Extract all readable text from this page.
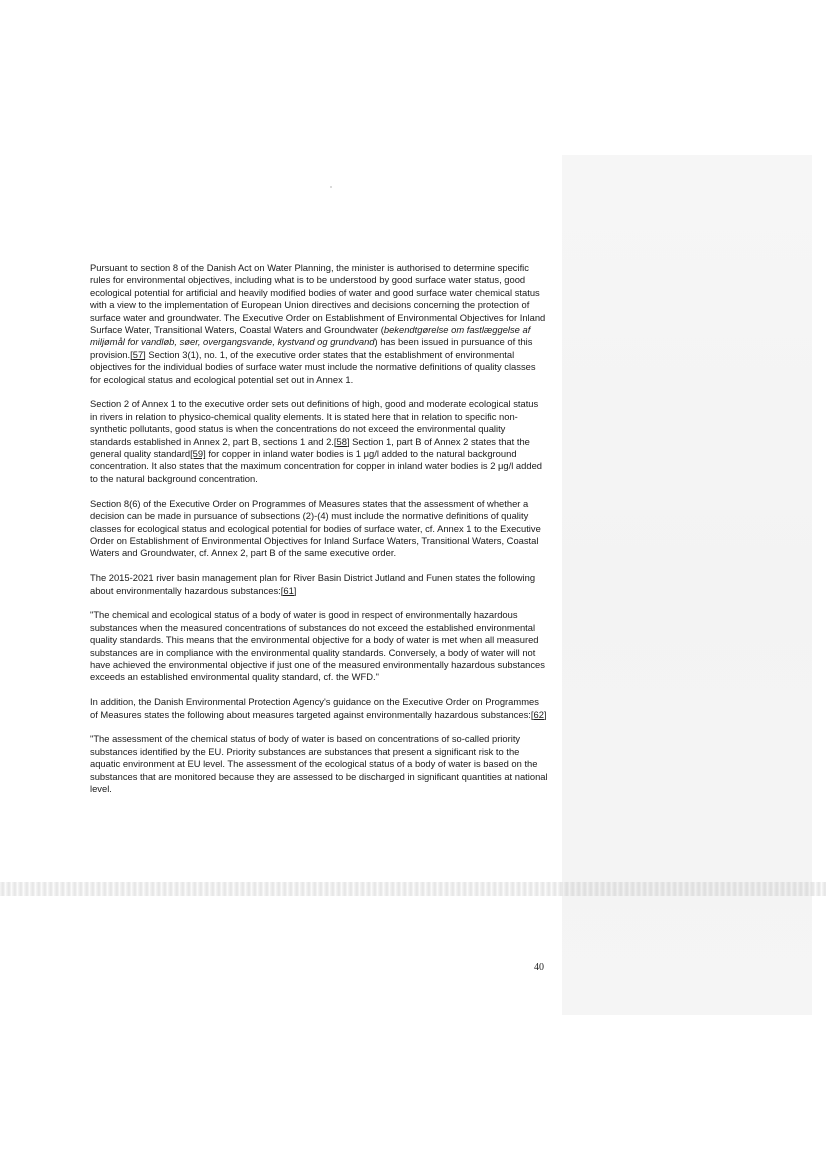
Pursuant to section 8 of the Danish Act on Water Planning, the minister is authorised to determine specific rules for environmental objectives, including what is to be understood by good surface water status, good ecological potential for artificial and heavily modified bodies of water and good surface water chemical status with a view to the implementation of European Union directives and decisions concerning the protection of surface water and groundwater. The Executive Order on Establishment of Environmental Objectives for Inland Surface Water, Transitional Waters, Coastal Waters and Groundwater (bekendtgørelse om fastlæggelse af miljømål for vandløb, søer, overgangsvande, kystvand og grundvand) has been issued in pursuance of this provision.[57] Section 3(1), no. 1, of the executive order states that the establishment of environmental objectives for the individual bodies of surface water must include the normative definitions of quality classes for ecological status and ecological potential set out in Annex 1.

Section 2 of Annex 1 to the executive order sets out definitions of high, good and moderate ecological status in rivers in relation to physico-chemical quality elements. It is stated here that in relation to specific non-synthetic pollutants, good status is when the concentrations do not exceed the environmental quality standards established in Annex 2, part B, sections 1 and 2.[58] Section 1, part B of Annex 2 states that the general quality standard[59] for copper in inland water bodies is 1 μg/l added to the natural background concentration. It also states that the maximum concentration for copper in inland water bodies is 2 μg/l added to the natural background concentration.

Section 8(6) of the Executive Order on Programmes of Measures states that the assessment of whether a decision can be made in pursuance of subsections (2)-(4) must include the normative definitions of quality classes for ecological status and ecological potential for bodies of surface water, cf. Annex 1 to the Executive Order on Establishment of Environmental Objectives for Inland Surface Waters, Transitional Waters, Coastal Waters and Groundwater, cf. Annex 2, part B of the same executive order.

The 2015-2021 river basin management plan for River Basin District Jutland and Funen states the following about environmentally hazardous substances:[61]

"The chemical and ecological status of a body of water is good in respect of environmentally hazardous substances when the measured concentrations of substances do not exceed the established environmental quality standards. This means that the environmental objective for a body of water is met when all measured substances are in compliance with the environmental quality standards. Conversely, a body of water will not have achieved the environmental objective if just one of the measured environmentally hazardous substances exceeds an established environmental quality standard, cf. the WFD."

In addition, the Danish Environmental Protection Agency's guidance on the Executive Order on Programmes of Measures states the following about measures targeted against environmentally hazardous substances:[62]

"The assessment of the chemical status of body of water is based on concentrations of so-called priority substances identified by the EU. Priority substances are substances that present a significant risk to the aquatic environment at EU level. The assessment of the ecological status of a body of water is based on the substances that are monitored because they are assessed to be discharged in significant quantities at national level.

40
